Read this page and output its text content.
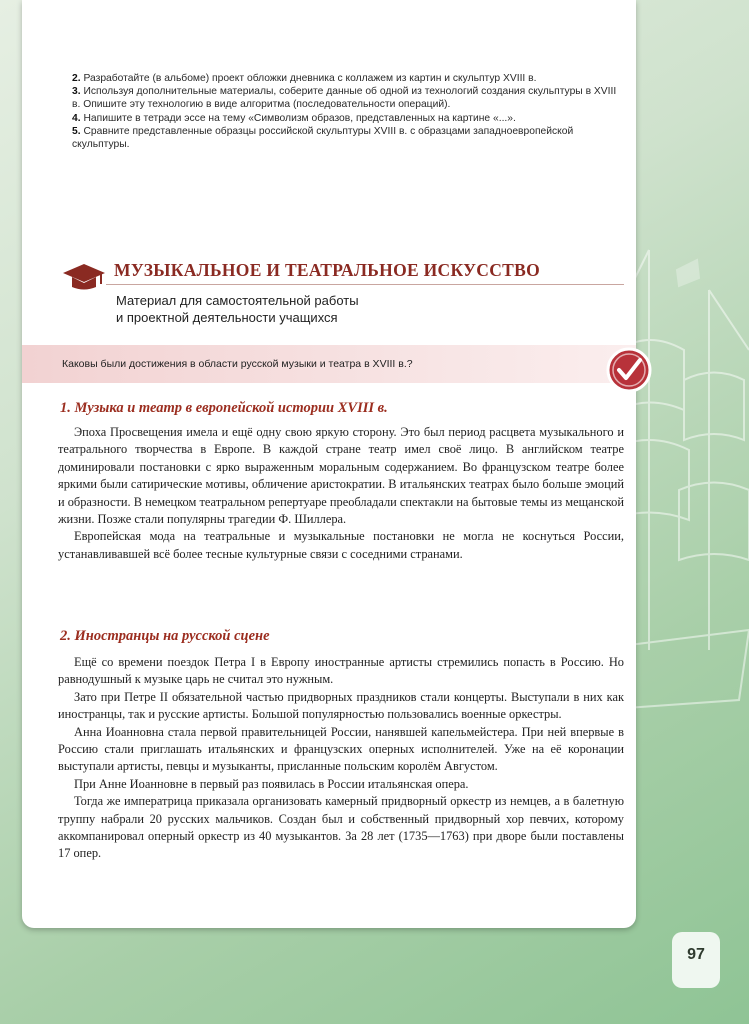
2. Разработайте (в альбоме) проект обложки дневника с коллажем из картин и скульптур XVIII в.

3. Используя дополнительные материалы, соберите данные об одной из технологий создания скульптуры в XVIII в. Опишите эту технологию в виде алгоритма (последовательности операций).

4. Напишите в тетради эссе на тему «Символизм образов, представленных на картине «...».

5. Сравните представленные образцы российской скульптуры XVIII в. с образцами западноевропейской скульптуры.

МУЗЫКАЛЬНОЕ И ТЕАТРАЛЬНОЕ ИСКУССТВО
Материал для самостоятельной работы
и проектной деятельности учащихся
Каковы были достижения в области русской музыки и театра в XVIII в.?
1. Музыка и театр в европейской истории XVIII в.

Эпоха Просвещения имела и ещё одну свою яркую сторону. Это был период расцвета музыкального и театрального творчества в Европе. В каждой стране театр имел своё лицо. В английском театре доминировали постановки с ярко выраженным моральным содержанием. Во французском театре более яркими были сатирические мотивы, обличение аристократии. В итальянских театрах было больше эмоций и образности. В немецком театральном репертуаре преобладали спектакли на бытовые темы из мещанской жизни. Позже стали популярны трагедии Ф. Шиллера.

Европейская мода на театральные и музыкальные постановки не могла не коснуться России, устанавливавшей всё более тесные культурные связи с соседними странами.

2. Иностранцы на русской сцене

Ещё со времени поездок Петра I в Европу иностранные артисты стремились попасть в Россию. Но равнодушный к музыке царь не считал это нужным.

Зато при Петре II обязательной частью придворных праздников стали концерты. Выступали в них как иностранцы, так и русские артисты. Большой популярностью пользовались военные оркестры.

Анна Иоанновна стала первой правительницей России, нанявшей капельмейстера. При ней впервые в Россию стали приглашать итальянских и французских оперных исполнителей. Уже на её коронации выступали артисты, певцы и музыканты, присланные польским королём Августом.

При Анне Иоанновне в первый раз появилась в России итальянская опера.

Тогда же императрица приказала организовать камерный придворный оркестр из немцев, а в балетную труппу набрали 20 русских мальчиков. Создан был и собственный придворный хор певчих, которому аккомпанировал оперный оркестр из 40 музыкантов. За 28 лет (1735—1763) при дворе были поставлены 17 опер.

97
